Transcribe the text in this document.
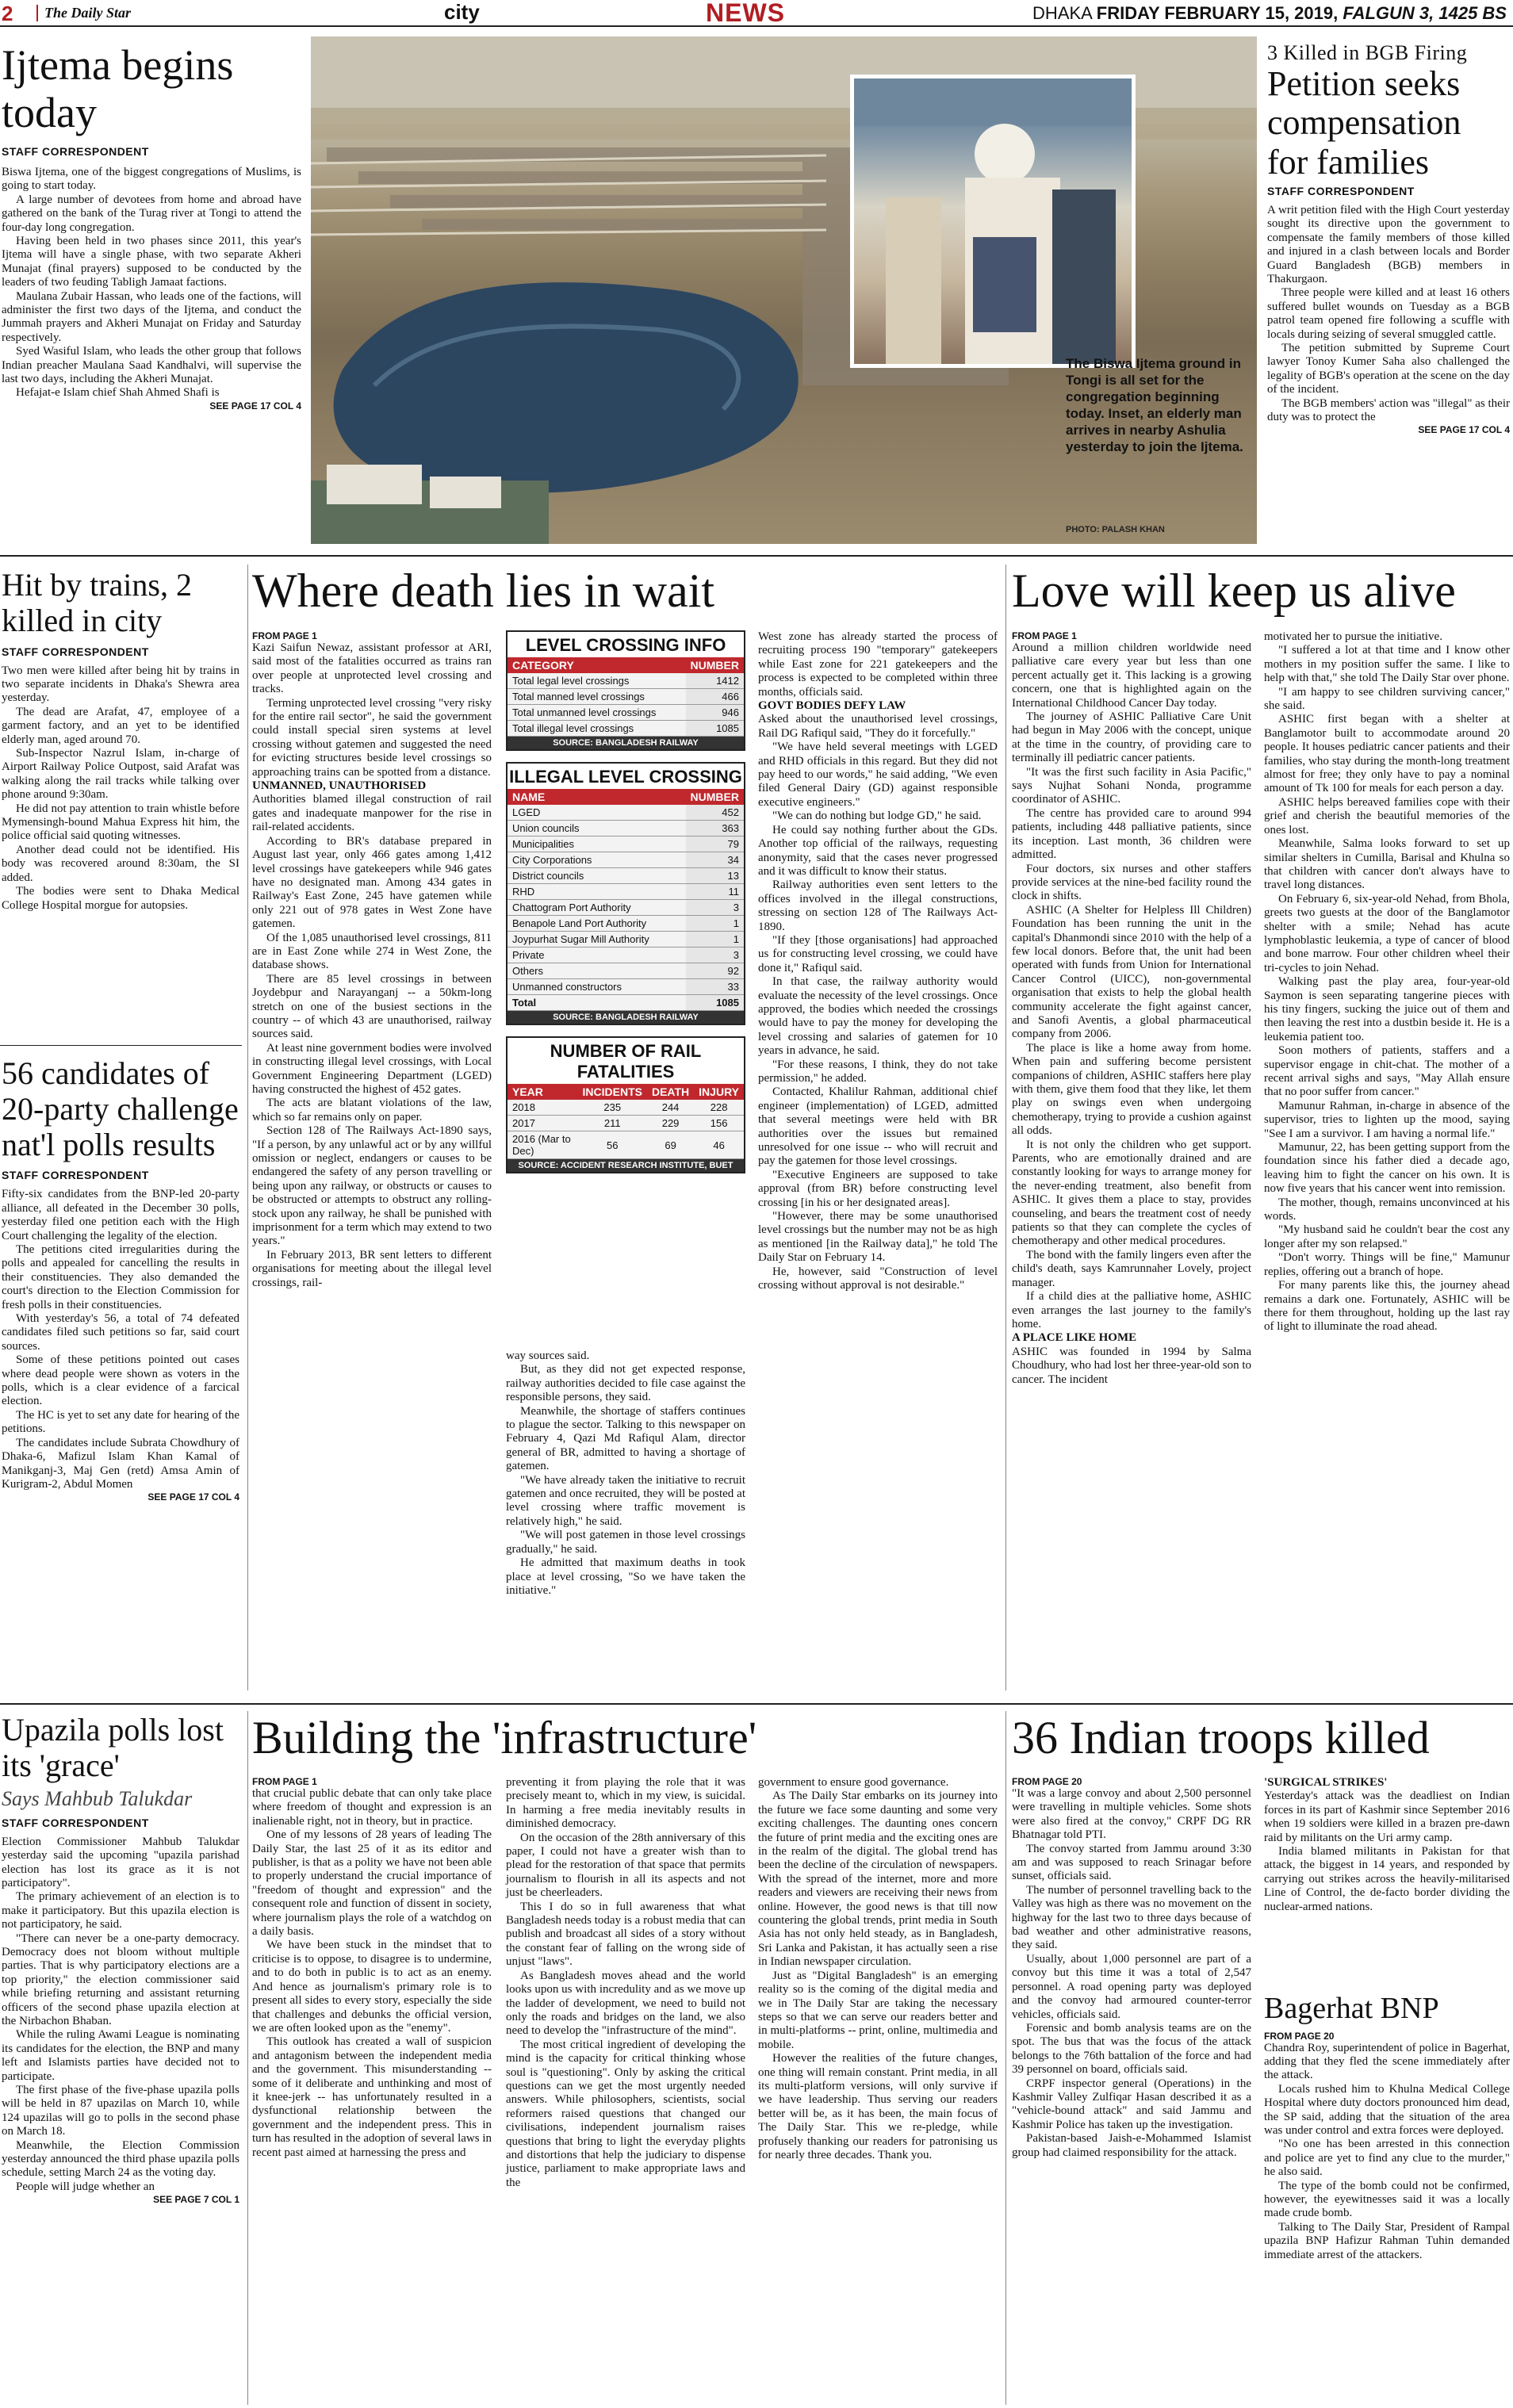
2	The Daily Star	city	NEWS	DHAKA FRIDAY FEBRUARY 15, 2019, FALGUN 3, 1425 BS
Ijtema begins today
STAFF CORRESPONDENT

Biswa Ijtema, one of the biggest congregations of Muslims, is going to start today.

A large number of devotees from home and abroad have gathered on the bank of the Turag river at Tongi to attend the four-day long congregation.

Having been held in two phases since 2011, this year's Ijtema will have a single phase, with two separate Akheri Munajat (final prayers) supposed to be conducted by the leaders of two feuding Tabligh Jamaat factions.

Maulana Zubair Hassan, who leads one of the factions, will administer the first two days of the Ijtema, and conduct the Jummah prayers and Akheri Munajat on Friday and Saturday respectively.

Syed Wasiful Islam, who leads the other group that follows Indian preacher Maulana Saad Kandhalvi, will supervise the last two days, including the Akheri Munajat.

Hefajat-e Islam chief Shah Ahmed Shafi is

SEE PAGE 17 COL 4
The Biswa Ijtema ground in Tongi is all set for the congregation beginning today. Inset, an elderly man arrives in nearby Ashulia yesterday to join the Ijtema.
PHOTO: PALASH KHAN
3 Killed in BGB Firing
Petition seeks compensation for families
STAFF CORRESPONDENT

A writ petition filed with the High Court yesterday sought its directive upon the government to compensate the family members of those killed and injured in a clash between locals and Border Guard Bangladesh (BGB) members in Thakurgaon.

Three people were killed and at least 16 others suffered bullet wounds on Tuesday as a BGB patrol team opened fire following a scuffle with locals during seizing of several smuggled cattle.

The petition submitted by Supreme Court lawyer Tonoy Kumer Saha also challenged the legality of BGB's operation at the scene on the day of the incident.

The BGB members' action was "illegal" as their duty was to protect the

SEE PAGE 17 COL 4
Hit by trains, 2 killed in city
STAFF CORRESPONDENT

Two men were killed after being hit by trains in two separate incidents in Dhaka's Shewra area yesterday.

The dead are Arafat, 47, employee of a garment factory, and an yet to be identified elderly man, aged around 70.

Sub-Inspector Nazrul Islam, in-charge of Airport Railway Police Outpost, said Arafat was walking along the rail tracks while talking over phone around 9:30am.

He did not pay attention to train whistle before Mymensingh-bound Mahua Express hit him, the police official said quoting witnesses.

Another dead could not be identified. His body was recovered around 8:30am, the SI added.

The bodies were sent to Dhaka Medical College Hospital morgue for autopsies.

56 candidates of 20-party challenge nat'l polls results
STAFF CORRESPONDENT

Fifty-six candidates from the BNP-led 20-party alliance, all defeated in the December 30 polls, yesterday filed one petition each with the High Court challenging the legality of the election.

The petitions cited irregularities during the polls and appealed for cancelling the results in their constituencies. They also demanded the court's direction to the Election Commission for fresh polls in their constituencies.

With yesterday's 56, a total of 74 defeated candidates filed such petitions so far, said court sources.

Some of these petitions pointed out cases where dead people were shown as voters in the polls, which is a clear evidence of a farcical election.

The HC is yet to set any date for hearing of the petitions.

The candidates include Subrata Chowdhury of Dhaka-6, Mafizul Islam Khan Kamal of Manikganj-3, Maj Gen (retd) Amsa Amin of Kurigram-2, Abdul Momen

SEE PAGE 17 COL 4
Where death lies in wait

FROM PAGE 1

Kazi Saifun Newaz, assistant professor at ARI, said most of the fatalities occurred as trains ran over people at unprotected level crossing and tracks.

Terming unprotected level crossing "very risky for the entire rail sector", he said the government could install special siren systems at level crossing without gatemen and suggested the need for evicting structures beside level crossings so approaching trains can be spotted from a distance.

UNMANNED, UNAUTHORISED

Authorities blamed illegal construction of rail gates and inadequate manpower for the rise in rail-related accidents.

According to BR's database prepared in August last year, only 466 gates among 1,412 level crossings have gatekeepers while 946 gates have no designated man. Among 434 gates in Railway's East Zone, 245 have gatemen while only 221 out of 978 gates in West Zone have gatemen.

Of the 1,085 unauthorised level crossings, 811 are in East Zone while 274 in West Zone, the database shows.

There are 85 level crossings in between Joydebpur and Narayanganj -- a 50km-long stretch on one of the busiest sections in the country -- of which 43 are unauthorised, railway sources said.

At least nine government bodies were involved in constructing illegal level crossings, with Local Government Engineering Department (LGED) having constructed the highest of 452 gates.

The acts are blatant violations of the law, which so far remains only on paper.

Section 128 of The Railways Act-1890 says, "If a person, by any unlawful act or by any willful omission or neglect, endangers or causes to be endangered the safety of any person travelling or being upon any railway, or obstructs or causes to be obstructed or attempts to obstruct any rolling-stock upon any railway, he shall be punished with imprisonment for a term which may extend to two years."

In February 2013, BR sent letters to different organisations for meeting about the illegal level crossings, rail-

LEVEL CROSSING INFO
CATEGORY	NUMBER
Total legal level crossings	1412
Total manned level crossings	466
Total unmanned level crossings	946
Total illegal level crossings	1085
SOURCE: BANGLADESH RAILWAY
ILLEGAL LEVEL CROSSING
NAME	NUMBER
LGED	452
Union councils	363
Municipalities	79
City Corporations	34
District councils	13
RHD	11
Chattogram Port Authority	3
Benapole Land Port Authority	1
Joypurhat Sugar Mill Authority	1
Private	3
Others	92
Unmanned constructors	33
Total	1085
SOURCE: BANGLADESH RAILWAY
NUMBER OF RAIL FATALITIES
YEAR	INCIDENTS	DEATH	INJURY
2018	235	244	228
2017	211	229	156
2016 (Mar to Dec)	56	69	46
SOURCE: ACCIDENT RESEARCH INSTITUTE, BUET

way sources said.

But, as they did not get expected response, railway authorities decided to file case against the responsible persons, they said.

Meanwhile, the shortage of staffers continues to plague the sector. Talking to this newspaper on February 4, Qazi Md Rafiqul Alam, director general of BR, admitted to having a shortage of gatemen.

"We have already taken the initiative to recruit gatemen and once recruited, they will be posted at level crossing where traffic movement is relatively high," he said.

"We will post gatemen in those level crossings gradually," he said.

He admitted that maximum deaths in took place at level crossing, "So we have taken the initiative."

West zone has already started the process of recruiting process 190 "temporary" gatekeepers while East zone for 221 gatekeepers and the process is expected to be completed within three months, officials said.

GOVT BODIES DEFY LAW

Asked about the unauthorised level crossings, Rail DG Rafiqul said, "They do it forcefully."

"We have held several meetings with LGED and RHD officials in this regard. But they did not pay heed to our words," he said adding, "We even filed General Dairy (GD) against responsible executive engineers."

"We can do nothing but lodge GD," he said.

He could say nothing further about the GDs. Another top official of the railways, requesting anonymity, said that the cases never progressed and it was difficult to know their status.

Railway authorities even sent letters to the offices involved in the illegal constructions, stressing on section 128 of The Railways Act-1890.

"If they [those organisations] had approached us for constructing level crossing, we could have done it," Rafiqul said.

In that case, the railway authority would evaluate the necessity of the level crossings. Once approved, the bodies which needed the crossings would have to pay the money for developing the level crossing and salaries of gatemen for 10 years in advance, he said.

"For these reasons, I think, they do not take permission," he added.

Contacted, Khalilur Rahman, additional chief engineer (implementation) of LGED, admitted that several meetings were held with BR authorities over the issues but remained unresolved for one issue -- who will recruit and pay the gatemen for those level crossings.

"Executive Engineers are supposed to take approval (from BR) before constructing level crossing [in his or her designated areas].

"However, there may be some unauthorised level crossings but the number may not be as high as mentioned [in the Railway data]," he told The Daily Star on February 14.

He, however, said "Construction of level crossing without approval is not desirable."

Love will keep us alive

FROM PAGE 1

Around a million children worldwide need palliative care every year but less than one percent actually get it. This lacking is a growing concern, one that is highlighted again on the International Childhood Cancer Day today.

The journey of ASHIC Palliative Care Unit had begun in May 2006 with the concept, unique at the time in the country, of providing care to terminally ill pediatric cancer patients.

"It was the first such facility in Asia Pacific," says Nujhat Sohani Nonda, programme coordinator of ASHIC.

The centre has provided care to around 994 patients, including 448 palliative patients, since its inception. Last month, 36 children were admitted.

Four doctors, six nurses and other staffers provide services at the nine-bed facility round the clock in shifts.

ASHIC (A Shelter for Helpless Ill Children) Foundation has been running the unit in the capital's Dhanmondi since 2010 with the help of a few local donors. Before that, the unit had been operated with funds from Union for International Cancer Control (UICC), non-governmental organisation that exists to help the global health community accelerate the fight against cancer, and Sanofi Aventis, a global pharmaceutical company from 2006.

The place is like a home away from home. When pain and suffering become persistent companions of children, ASHIC staffers here play with them, give them food that they like, let them play on swings even when undergoing chemotherapy, trying to provide a cushion against all odds.

It is not only the children who get support. Parents, who are emotionally drained and are constantly looking for ways to arrange money for the never-ending treatment, also benefit from ASHIC. It gives them a place to stay, provides counseling, and bears the treatment cost of needy patients so that they can complete the cycles of chemotherapy and other medical procedures.

The bond with the family lingers even after the child's death, says Kamrunnaher Lovely, project manager.

If a child dies at the palliative home, ASHIC even arranges the last journey to the family's home.

A PLACE LIKE HOME

ASHIC was founded in 1994 by Salma Choudhury, who had lost her three-year-old son to cancer. The incident

motivated her to pursue the initiative.

"I suffered a lot at that time and I know other mothers in my position suffer the same. I like to help with that," she told The Daily Star over phone.

"I am happy to see children surviving cancer," she said.

ASHIC first began with a shelter at Banglamotor built to accommodate around 20 people. It houses pediatric cancer patients and their families, who stay during the month-long treatment almost for free; they only have to pay a nominal amount of Tk 100 for meals for each person a day.

ASHIC helps bereaved families cope with their grief and cherish the beautiful memories of the ones lost.

Meanwhile, Salma looks forward to set up similar shelters in Cumilla, Barisal and Khulna so that children with cancer don't always have to travel long distances.

On February 6, six-year-old Nehad, from Bhola, greets two guests at the door of the Banglamotor shelter with a smile; Nehad has acute lymphoblastic leukemia, a type of cancer of blood and bone marrow. Four other children wheel their tri-cycles to join Nehad.

Walking past the play area, four-year-old Saymon is seen separating tangerine pieces with his tiny fingers, sucking the juice out of them and then leaving the rest into a dustbin beside it. He is a leukemia patient too.

Soon mothers of patients, staffers and a supervisor engage in chit-chat. The mother of a recent arrival sighs and says, "May Allah ensure that no poor suffer from cancer."

Mamunur Rahman, in-charge in absence of the supervisor, tries to lighten up the mood, saying "See I am a survivor. I am having a normal life."

Mamunur, 22, has been getting support from the foundation since his father died a decade ago, leaving him to fight the cancer on his own. It is now five years that his cancer went into remission.

The mother, though, remains unconvinced at his words.

"My husband said he couldn't bear the cost any longer after my son relapsed."

"Don't worry. Things will be fine," Mamunur replies, offering out a branch of hope.

For many parents like this, the journey ahead remains a dark one. Fortunately, ASHIC will be there for them throughout, holding up the last ray of light to illuminate the road ahead.

Upazila polls lost its 'grace'
Says Mahbub Talukdar
STAFF CORRESPONDENT

Election Commissioner Mahbub Talukdar yesterday said the upcoming "upazila parishad election has lost its grace as it is not participatory".

The primary achievement of an election is to make it participatory. But this upazila election is not participatory, he said.

"There can never be a one-party democracy. Democracy does not bloom without multiple parties. That is why participatory elections are a top priority," the election commissioner said while briefing returning and assistant returning officers of the second phase upazila election at the Nirbachon Bhaban.

While the ruling Awami League is nominating its candidates for the election, the BNP and many left and Islamists parties have decided not to participate.

The first phase of the five-phase upazila polls will be held in 87 upazilas on March 10, while 124 upazilas will go to polls in the second phase on March 18.

Meanwhile, the Election Commission yesterday announced the third phase upazila polls schedule, setting March 24 as the voting day.

People will judge whether an

SEE PAGE 7 COL 1
Building the 'infrastructure'

FROM PAGE 1

that crucial public debate that can only take place where freedom of thought and expression is an inalienable right, not in theory, but in practice.

One of my lessons of 28 years of leading The Daily Star, the last 25 of it as its editor and publisher, is that as a polity we have not been able to properly understand the crucial importance of "freedom of thought and expression" and the consequent role and function of dissent in society, where journalism plays the role of a watchdog on a daily basis.

We have been stuck in the mindset that to criticise is to oppose, to disagree is to undermine, and to do both in public is to act as an enemy. And hence as journalism's primary role is to present all sides to every story, especially the side that challenges and debunks the official version, we are often looked upon as the "enemy".

This outlook has created a wall of suspicion and antagonism between the independent media and the government. This misunderstanding -- some of it deliberate and unthinking and most of it knee-jerk -- has unfortunately resulted in a dysfunctional relationship between the government and the independent press. This in turn has resulted in the adoption of several laws in recent past aimed at harnessing the press and

preventing it from playing the role that it was precisely meant to, which in my view, is suicidal. In harming a free media inevitably results in diminished democracy.

On the occasion of the 28th anniversary of this paper, I could not have a greater wish than to plead for the restoration of that space that permits journalism to flourish in all its aspects and not just be cheerleaders.

This I do so in full awareness that what Bangladesh needs today is a robust media that can publish and broadcast all sides of a story without the constant fear of falling on the wrong side of unjust "laws".

As Bangladesh moves ahead and the world looks upon us with incredulity and as we move up the ladder of development, we need to build not only the roads and bridges on the land, we also need to develop the "infrastructure of the mind".

The most critical ingredient of developing the mind is the capacity for critical thinking whose soul is "questioning". Only by asking the critical questions can we get the most urgently needed answers. While philosophers, scientists, social reformers raised questions that changed our civilisations, independent journalism raises questions that bring to light the everyday plights and distortions that help the judiciary to dispense justice, parliament to make appropriate laws and the

government to ensure good governance.

As The Daily Star embarks on its journey into the future we face some daunting and some very exciting challenges. The daunting ones concern the future of print media and the exciting ones are in the realm of the digital. The global trend has been the decline of the circulation of newspapers. With the spread of the internet, more and more readers and viewers are receiving their news from online. However, the good news is that till now countering the global trends, print media in South Asia has not only held steady, as in Bangladesh, Sri Lanka and Pakistan, it has actually seen a rise in Indian newspaper circulation.

Just as "Digital Bangladesh" is an emerging reality so is the coming of the digital media and we in The Daily Star are taking the necessary steps so that we can serve our readers better and in multi-platforms -- print, online, multimedia and mobile.

However the realities of the future changes, one thing will remain constant. Print media, in all its multi-platform versions, will only survive if we have leadership. Thus serving our readers better will be, as it has been, the main focus of The Daily Star. This we re-pledge, while profusely thanking our readers for patronising us for nearly three decades. Thank you.

36 Indian troops killed

FROM PAGE 20

"It was a large convoy and about 2,500 personnel were travelling in multiple vehicles. Some shots were also fired at the convoy," CRPF DG RR Bhatnagar told PTI.

The convoy started from Jammu around 3:30 am and was supposed to reach Srinagar before sunset, officials said.

The number of personnel travelling back to the Valley was high as there was no movement on the highway for the last two to three days because of bad weather and other administrative reasons, they said.

Usually, about 1,000 personnel are part of a convoy but this time it was a total of 2,547 personnel. A road opening party was deployed and the convoy had armoured counter-terror vehicles, officials said.

Forensic and bomb analysis teams are on the spot. The bus that was the focus of the attack belongs to the 76th battalion of the force and had 39 personnel on board, officials said.

CRPF inspector general (Operations) in the Kashmir Valley Zulfiqar Hasan described it as a "vehicle-bound attack" and said Jammu and Kashmir Police has taken up the investigation.

Pakistan-based Jaish-e-Mohammed Islamist group had claimed responsibility for the attack.

'SURGICAL STRIKES'

Yesterday's attack was the deadliest on Indian forces in its part of Kashmir since September 2016 when 19 soldiers were killed in a brazen pre-dawn raid by militants on the Uri army camp.

India blamed militants in Pakistan for that attack, the biggest in 14 years, and responded by carrying out strikes across the heavily-militarised Line of Control, the de-facto border dividing the nuclear-armed nations.

Bagerhat BNP

FROM PAGE 20

Chandra Roy, superintendent of police in Bagerhat, adding that they fled the scene immediately after the attack.

Locals rushed him to Khulna Medical College Hospital where duty doctors pronounced him dead, the SP said, adding that the situation of the area was under control and extra forces were deployed.

"No one has been arrested in this connection and police are yet to find any clue to the murder," he also said.

The type of the bomb could not be confirmed, however, the eyewitnesses said it was a locally made crude bomb.

Talking to The Daily Star, President of Rampal upazila BNP Hafizur Rahman Tuhin demanded immediate arrest of the attackers.
